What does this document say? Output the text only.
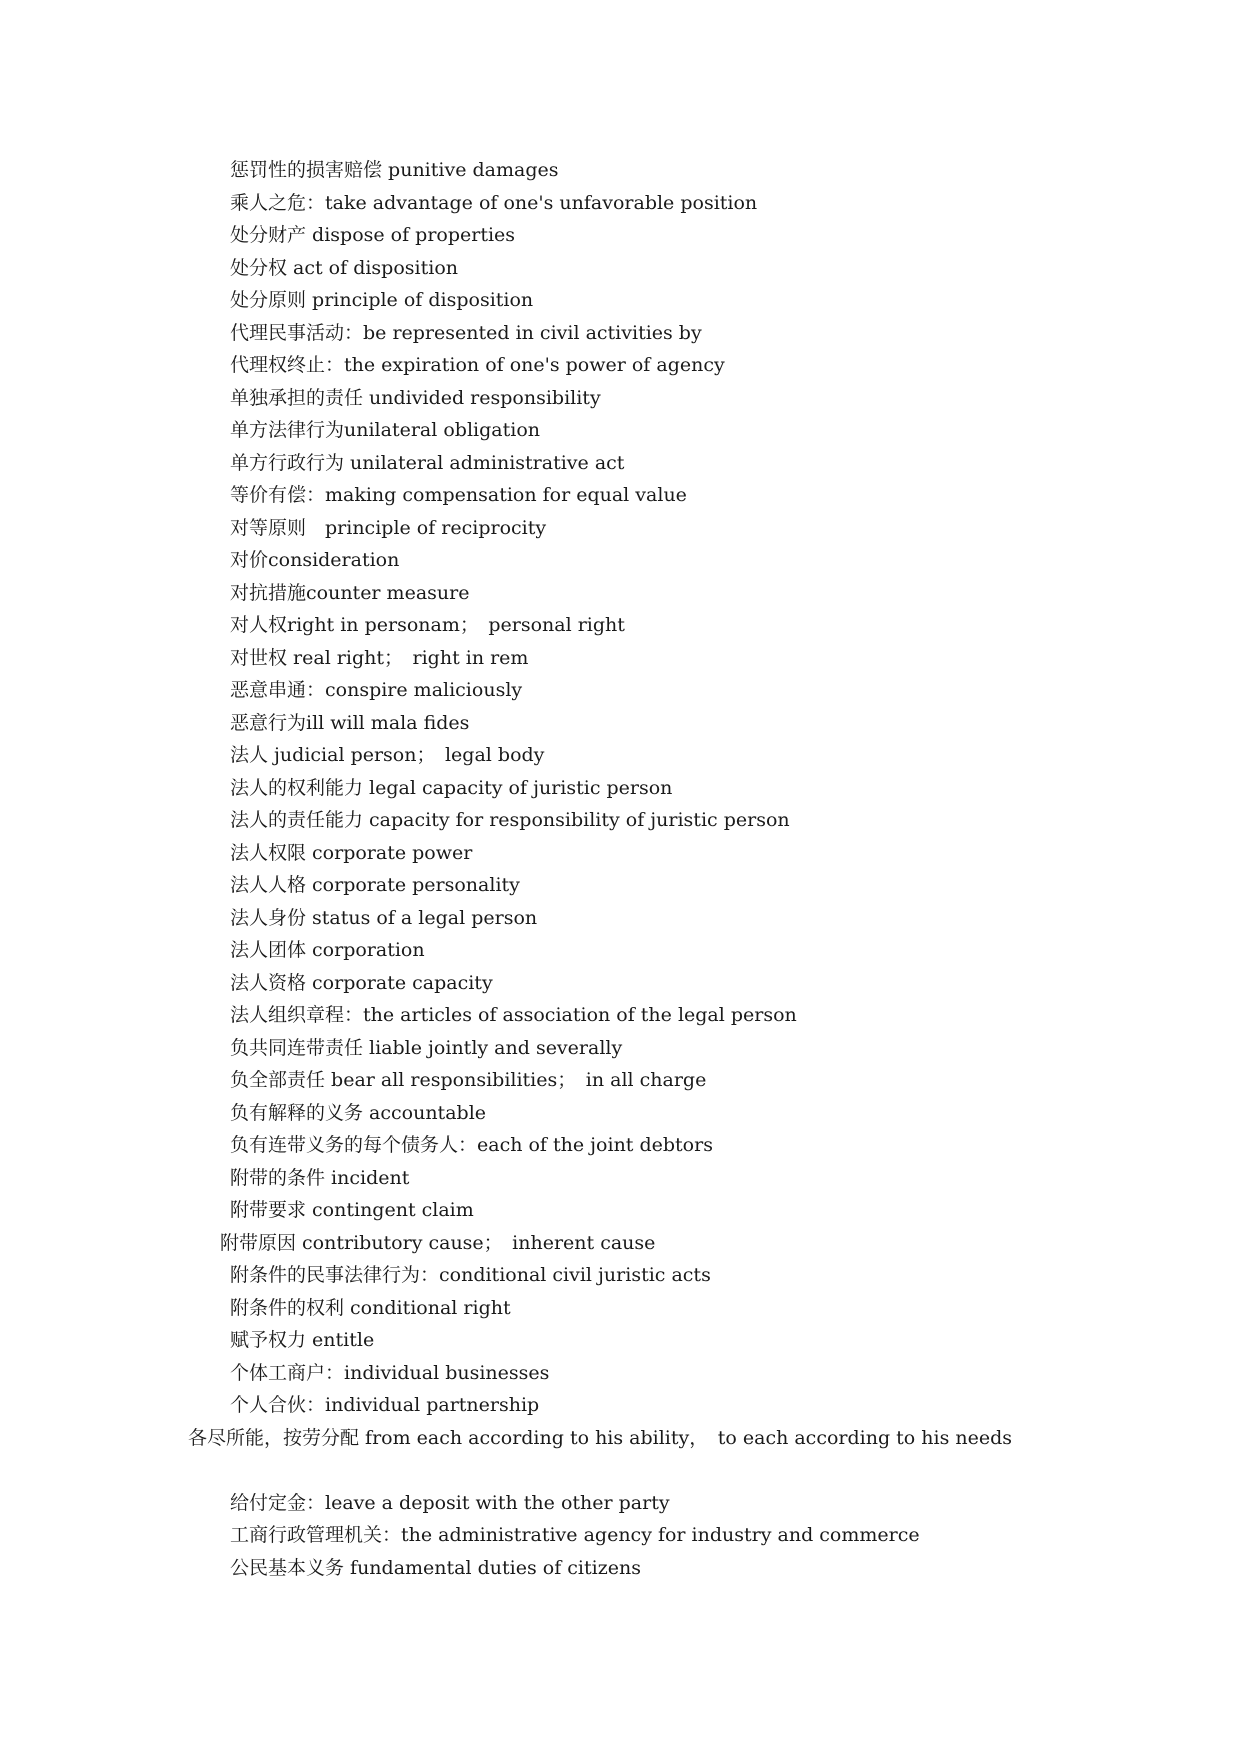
惩罚性的损害赔偿 punitive damages
乘人之危：take advantage of one's unfavorable position
处分财产 dispose of properties
处分权 act of disposition
处分原则 principle of disposition
代理民事活动：be represented in civil activities by
代理权终止：the expiration of one's power of agency
单独承担的责任 undivided responsibility
单方法律行为unilateral obligation
单方行政行为 unilateral administrative act
等价有偿：making compensation for equal value
对等原则　principle of reciprocity
对价consideration
对抗措施counter measure
对人权right in personam；　personal right
对世权 real right；　right in rem
恶意串通：conspire maliciously
恶意行为ill will mala fides
法人 judicial person；　legal body
法人的权利能力 legal capacity of juristic person
法人的责任能力 capacity for responsibility of juristic person
法人权限 corporate power
法人人格 corporate personality
法人身份 status of a legal person
法人团体 corporation
法人资格 corporate capacity
法人组织章程：the articles of association of the legal person
负共同连带责任 liable jointly and severally
负全部责任 bear all responsibilities；　in all charge
负有解释的义务 accountable
负有连带义务的每个债务人：each of the joint debtors
附带的条件 incident
附带要求 contingent claim
附带原因 contributory cause；　inherent cause
附条件的民事法律行为：conditional civil juristic acts
附条件的权利 conditional right
赋予权力 entitle
个体工商户：individual businesses
个人合伙：individual partnership
各尽所能，按劳分配 from each according to his ability，　to each according to his needs
给付定金：leave a deposit with the other party
工商行政管理机关：the administrative agency for industry and commerce
公民基本义务 fundamental duties of citizens
